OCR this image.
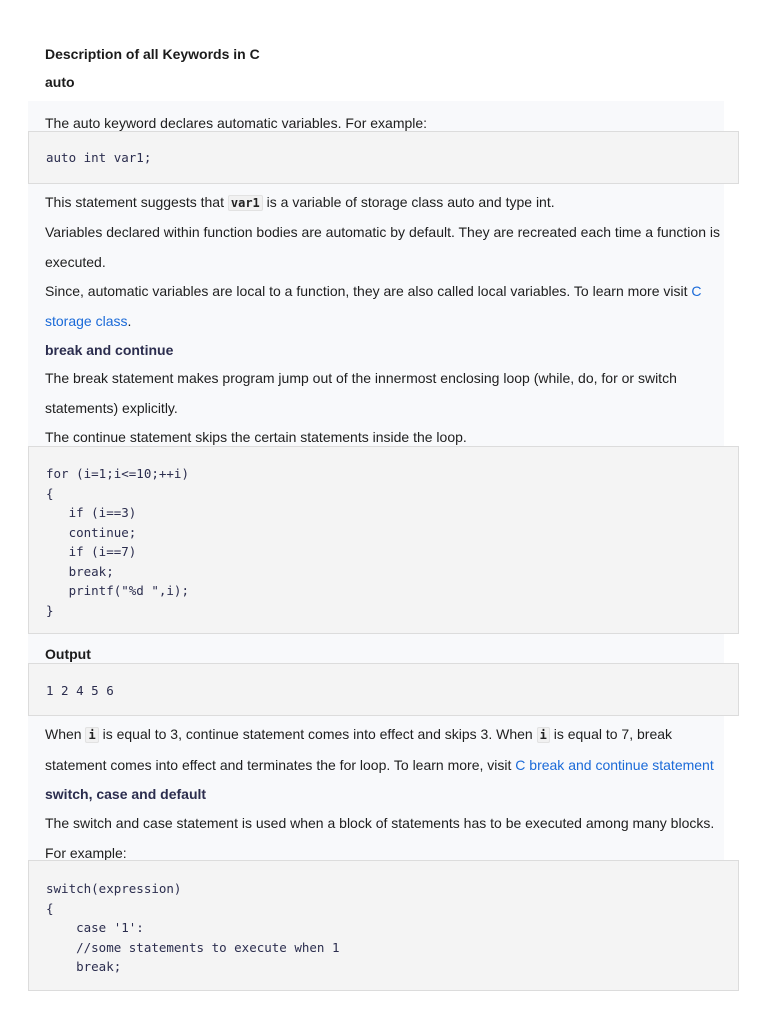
Description of all Keywords in C
auto

The auto keyword declares automatic variables. For example:

auto int var1;

This statement suggests that var1 is a variable of storage class auto and type int.

Variables declared within function bodies are automatic by default. They are recreated each time a function is executed.

Since, automatic variables are local to a function, they are also called local variables. To learn more visit C storage class.

break and continue

The break statement makes program jump out of the innermost enclosing loop (while, do, for or switch statements) explicitly.

The continue statement skips the certain statements inside the loop.

for (i=1;i<=10;++i)
{
if (i==3)
continue;
if (i==7)
break;
printf("%d ",i);
}
Output
1 2 4 5 6

When i is equal to 3, continue statement comes into effect and skips 3. When i is equal to 7, break statement comes into effect and terminates the for loop. To learn more, visit C break and continue statement

switch, case and default

The switch and case statement is used when a block of statements has to be executed among many blocks. For example:

switch(expression)
{
case '1':
//some statements to execute when 1
break;
